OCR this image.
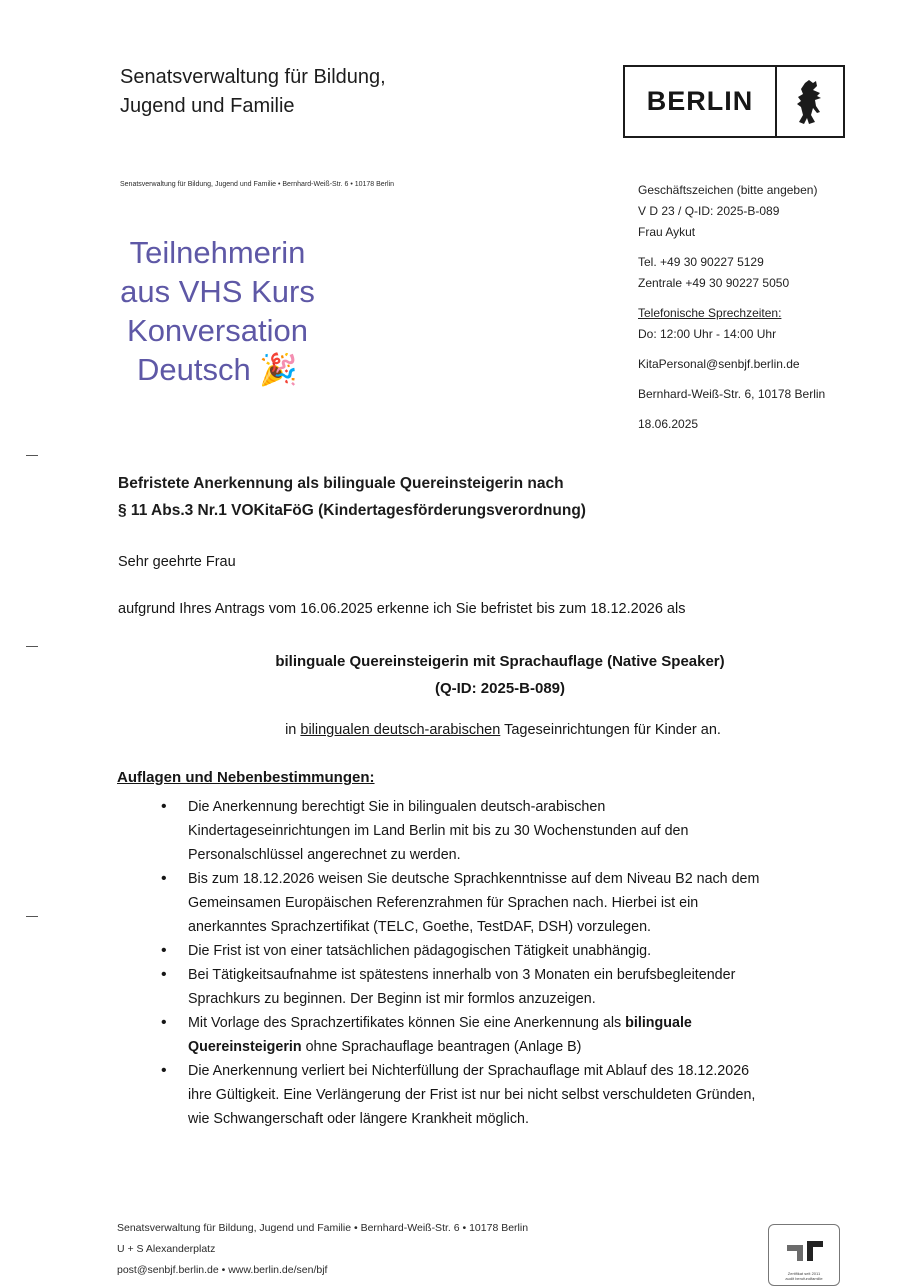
Senatsverwaltung für Bildung,
Jugend und Familie
Senatsverwaltung für Bildung, Jugend und Familie • Bernhard-Weiß-Str. 6 • 10178 Berlin
BERLIN
Teilnehmerin
aus VHS Kurs
Konversation
Deutsch 🎉
Geschäftszeichen (bitte angeben)
V D 23 / Q-ID: 2025-B-089
Frau Aykut
Tel. +49 30 90227 5129
Zentrale +49 30 90227 5050
Telefonische Sprechzeiten:
Do: 12:00 Uhr - 14:00 Uhr
KitaPersonal@senbjf.berlin.de
Bernhard-Weiß-Str. 6, 10178 Berlin
18.06.2025
Befristete Anerkennung als bilinguale Quereinsteigerin nach
§ 11 Abs.3 Nr.1 VOKitaFöG (Kindertagesförderungsverordnung)
Sehr geehrte Frau
aufgrund Ihres Antrags vom 16.06.2025 erkenne ich Sie befristet bis zum 18.12.2026 als
bilinguale Quereinsteigerin mit Sprachauflage (Native Speaker)
(Q-ID: 2025-B-089)
in bilingualen deutsch-arabischen Tageseinrichtungen für Kinder an.
Auflagen und Nebenbestimmungen:
• Die Anerkennung berechtigt Sie in bilingualen deutsch-arabischen Kindertageseinrichtungen im Land Berlin mit bis zu 30 Wochenstunden auf den Personalschlüssel angerechnet zu werden.
• Bis zum 18.12.2026 weisen Sie deutsche Sprachkenntnisse auf dem Niveau B2 nach dem Gemeinsamen Europäischen Referenzrahmen für Sprachen nach. Hierbei ist ein anerkanntes Sprachzertifikat (TELC, Goethe, TestDAF, DSH) vorzulegen.
• Die Frist ist von einer tatsächlichen pädagogischen Tätigkeit unabhängig.
• Bei Tätigkeitsaufnahme ist spätestens innerhalb von 3 Monaten ein berufsbegleitender Sprachkurs zu beginnen. Der Beginn ist mir formlos anzuzeigen.
• Mit Vorlage des Sprachzertifikates können Sie eine Anerkennung als bilinguale Quereinsteigerin ohne Sprachauflage beantragen (Anlage B)
• Die Anerkennung verliert bei Nichterfüllung der Sprachauflage mit Ablauf des 18.12.2026 ihre Gültigkeit. Eine Verlängerung der Frist ist nur bei nicht selbst verschuldeten Gründen, wie Schwangerschaft oder längere Krankheit möglich.
Senatsverwaltung für Bildung, Jugend und Familie • Bernhard-Weiß-Str. 6 • 10178 Berlin
U + S Alexanderplatz
post@senbjf.berlin.de • www.berlin.de/sen/bjf	Zertifikat seit 2011
audit berufundfamilie
